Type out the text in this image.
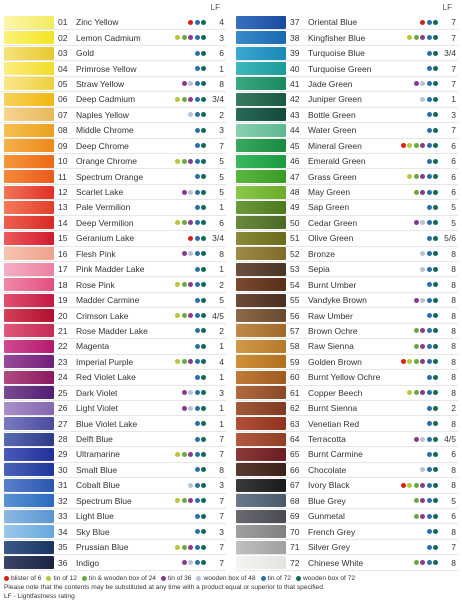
LF
01	Zinc Yellow	4
02	Lemon Cadmium	3
03	Gold	6
04	Primrose Yellow	1
05	Straw Yellow	8
06	Deep Cadmium	3/4
07	Naples Yellow	2
08	Middle Chrome	3
09	Deep Chrome	7
10	Orange Chrome	5
11	Spectrum Orange	5
12	Scarlet Lake	5
13	Pale Vermilion	1
14	Deep Vermilion	6
15	Geranium Lake	3/4
16	Flesh Pink	8
17	Pink Madder Lake	1
18	Rose Pink	2
19	Madder Carmine	5
20	Crimson Lake	4/5
21	Rose Madder Lake	2
22	Magenta	1
23	Imperial Purple	4
24	Red Violet Lake	1
25	Dark Violet	3
26	Light Violet	1
27	Blue Violet Lake	1
28	Delft Blue	7
29	Ultramarine	7
30	Smalt Blue	8
31	Cobalt Blue	3
32	Spectrum Blue	7
33	Light Blue	7
34	Sky Blue	3
35	Prussian Blue	7
36	Indigo	7
LF
37	Oriental Blue	7
38	Kingfisher Blue	7
39	Turquoise Blue	3/4
40	Turquoise Green	7
41	Jade Green	7
42	Juniper Green	1
43	Bottle Green	3
44	Water Green	7
45	Mineral Green	6
46	Emerald Green	6
47	Grass Green	6
48	May Green	6
49	Sap Green	5
50	Cedar Green	5
51	Olive Green	5/6
52	Bronze	8
53	Sepia	8
54	Burnt Umber	8
55	Vandyke Brown	8
56	Raw Umber	8
57	Brown Ochre	8
58	Raw Sienna	8
59	Golden Brown	8
60	Burnt Yellow Ochre	8
61	Copper Beech	8
62	Burnt Sienna	2
63	Venetian Red	8
64	Terracotta	4/5
65	Burnt Carmine	6
66	Chocolate	8
67	Ivory Black	8
68	Blue Grey	5
69	Gunmetal	6
70	French Grey	8
71	Silver Grey	7
72	Chinese White	8
blister of 6 tin of 12 tin & wooden box of 24 tin of 36 wooden box of 48 tin of 72 wooden box of 72
Please note that the contents may be substituted at any time with a product equal or superior to that specified.
LF - Lightfastness rating
